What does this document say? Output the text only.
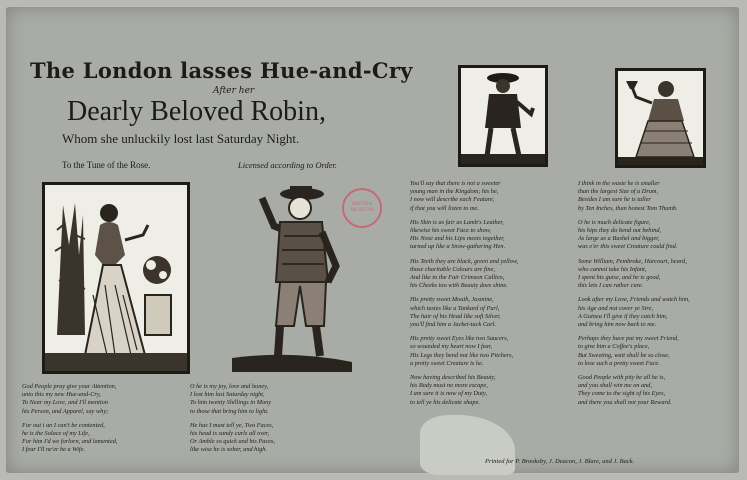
The London lasses Hue-and-Cry
After her
Dearly Beloved Robin,
Whom she unluckily lost last Saturday Night.
To the Tune of the Rose.	Licensed according to Order.
BRITISH MUSEUM
God People pray give your Attention,
unto this my new Hue-and-Cry,
To Near my Love, and I'll mention
his Person, and Apparel, say why;
For out i an I can't be contented,
he is the Solace of my Life,
For him I'd we forlorn, and lamented,
I fear I'll ne'er be a Wife.
O he is my joy, love and honey,
I lost him last Saturday night,
To him twenty Shillings in Mony
to those that bring him to light.
He has I must tell ye, Two Faces,
his head is sandy curls all over,
Or Amble so quick and his Paces,
like wise he is sober, and high.
You'll say that there is not a sweeter
young man in the Kingdom; his he,
I now will describe each Feature,
if that you will listen to me.
His Skin is as fair as Lamb's Leather,
likewise his sweet Face to show,
His Nose and his Lips meets together,
turned up like a Snow-gathering Hen.
His Teeth they are black, green and yellow,
those charitable Colours are fine,
And like to the Fair Crimson Callico,
his Cheeks too with Beauty does shine.
His pretty sweet Mouth, Jasmine,
which tastes like a Tankard of Purl,
The hair of his Head like soft Silver,
you'll find him a Jacket-tack Carl.
His pretty sweet Eyes like two Saucers,
so wounded my heart now I fear,
His Legs they bend not like two Pitchers,
a pretty sweet Creature is he.
Now having described his Beauty,
his Body must no more escape,
I am sure it is now of my Duty,
to tell ye his delicate shape.
I think in the waste he is smaller
than the largest Size of a Drum,
Besides I am sure he is taller
by Ten Inches, than honest Tom Thumb.
O he is much delicate figure,
his hips they do bend out behind,
As large as a Bushel and bigger,
was e'er this sweet Creature could find.
Some William, Pembroke, Harcourt, heard,
who cannot take his Infant,
I spent his guise, and he is good,
this lets I can rather cure.
Look after my Love, Friends and watch him,
his Age and not cover ye Sire,
A Guinea I'll give if they catch him,
and bring him now back to me.
Perhaps they have put my sweet Friend,
to give him a Coffee's place,
But Sweeting, wait shall be so close,
to lose such a pretty sweet Face.
Good People with pity be all he is,
and you shall win me on and,
They come to the sight of his Eyes,
and there you shall not your Reward.
Printed for P. Brooksby, J. Deacon, J. Blare, and J. Back.
